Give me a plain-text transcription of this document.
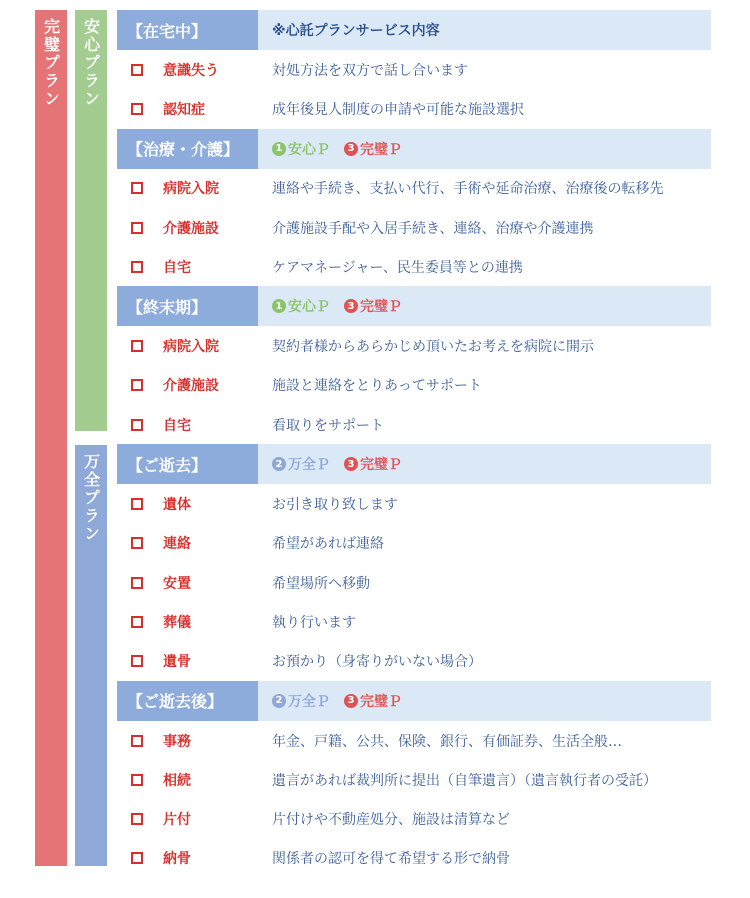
完璧プラン 安心プラン
万全プラン
【在宅中】	※心託プランサービス内容
意識失う	対処方法を双方で話し合います
認知症	成年後見人制度の申請や可能な施設選択
【治療・介護】	1 安心Ｐ	3 完璧Ｐ
病院入院	連絡や手続き、支払い代行、手術や延命治療、治療後の転移先
介護施設	介護施設手配や入居手続き、連絡、治療や介護連携
自宅	ケアマネージャー、民生委員等との連携
【終末期】	1 安心Ｐ	3 完璧Ｐ
病院入院	契約者様からあらかじめ頂いたお考えを病院に開示
介護施設	施設と連絡をとりあってサポート
自宅	看取りをサポート
【ご逝去】	2 万全Ｐ	3 完璧Ｐ
遺体	お引き取り致します
連絡	希望があれば連絡
安置	希望場所へ移動
葬儀	執り行います
遺骨	お預かり（身寄りがいない場合）
【ご逝去後】	2 万全Ｐ	3 完璧Ｐ
事務	年金、戸籍、公共、保険、銀行、有価証券、生活全般…
相続	遺言があれば裁判所に提出（自筆遺言）（遺言執行者の受託）
片付	片付けや不動産処分、施設は清算など
納骨	関係者の認可を得て希望する形で納骨
